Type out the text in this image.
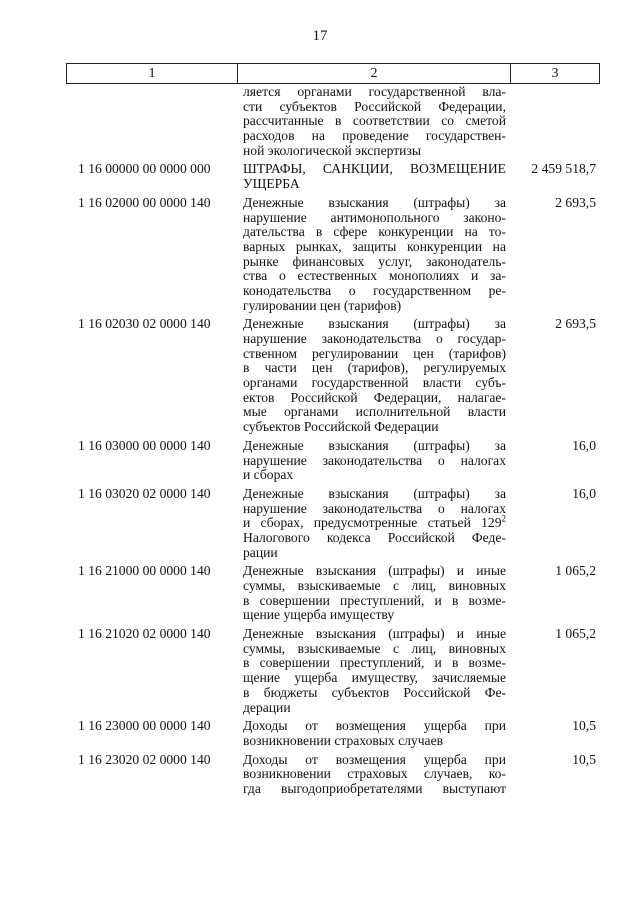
17
1	2	3
ляется органами государственной вла-
сти субъектов Российской Федерации,
рассчитанные в соответствии со сметой
расходов на проведение государствен-
ной экологической экспертизы
1 16 00000 00 0000 000	ШТРАФЫ, САНКЦИИ, ВОЗМЕЩЕНИЕ
УЩЕРБА
2 459 518,7
1 16 02000 00 0000 140	Денежные взыскания (штрафы) за
нарушение антимонопольного законо-
дательства в сфере конкуренции на то-
варных рынках, защиты конкуренции на
рынке финансовых услуг, законодатель-
ства о естественных монополиях и за-
конодательства о государственном ре-
гулировании цен (тарифов)
2 693,5
1 16 02030 02 0000 140	Денежные взыскания (штрафы) за
нарушение законодательства о государ-
ственном регулировании цен (тарифов)
в части цен (тарифов), регулируемых
органами государственной власти субъ-
ектов Российской Федерации, налагае-
мые органами исполнительной власти
субъектов Российской Федерации
2 693,5
1 16 03000 00 0000 140	Денежные взыскания (штрафы) за
нарушение законодательства о налогах
и сборах
16,0
1 16 03020 02 0000 140	Денежные взыскания (штрафы) за
нарушение законодательства о налогах
и сборах, предусмотренные статьей $129^2$
Налогового кодекса Российской Феде-
рации
16,0
1 16 21000 00 0000 140	Денежные взыскания (штрафы) и иные
суммы, взыскиваемые с лиц, виновных
в совершении преступлений, и в возме-
щение ущерба имуществу
1 065,2
1 16 21020 02 0000 140	Денежные взыскания (штрафы) и иные
суммы, взыскиваемые с лиц, виновных
в совершении преступлений, и в возме-
щение ущерба имуществу, зачисляемые
в бюджеты субъектов Российской Фе-
дерации
1 065,2
1 16 23000 00 0000 140	Доходы от возмещения ущерба при
возникновении страховых случаев
10,5
1 16 23020 02 0000 140	Доходы от возмещения ущерба при
возникновении страховых случаев, ко-
гда выгодоприобретателями выступают
10,5
